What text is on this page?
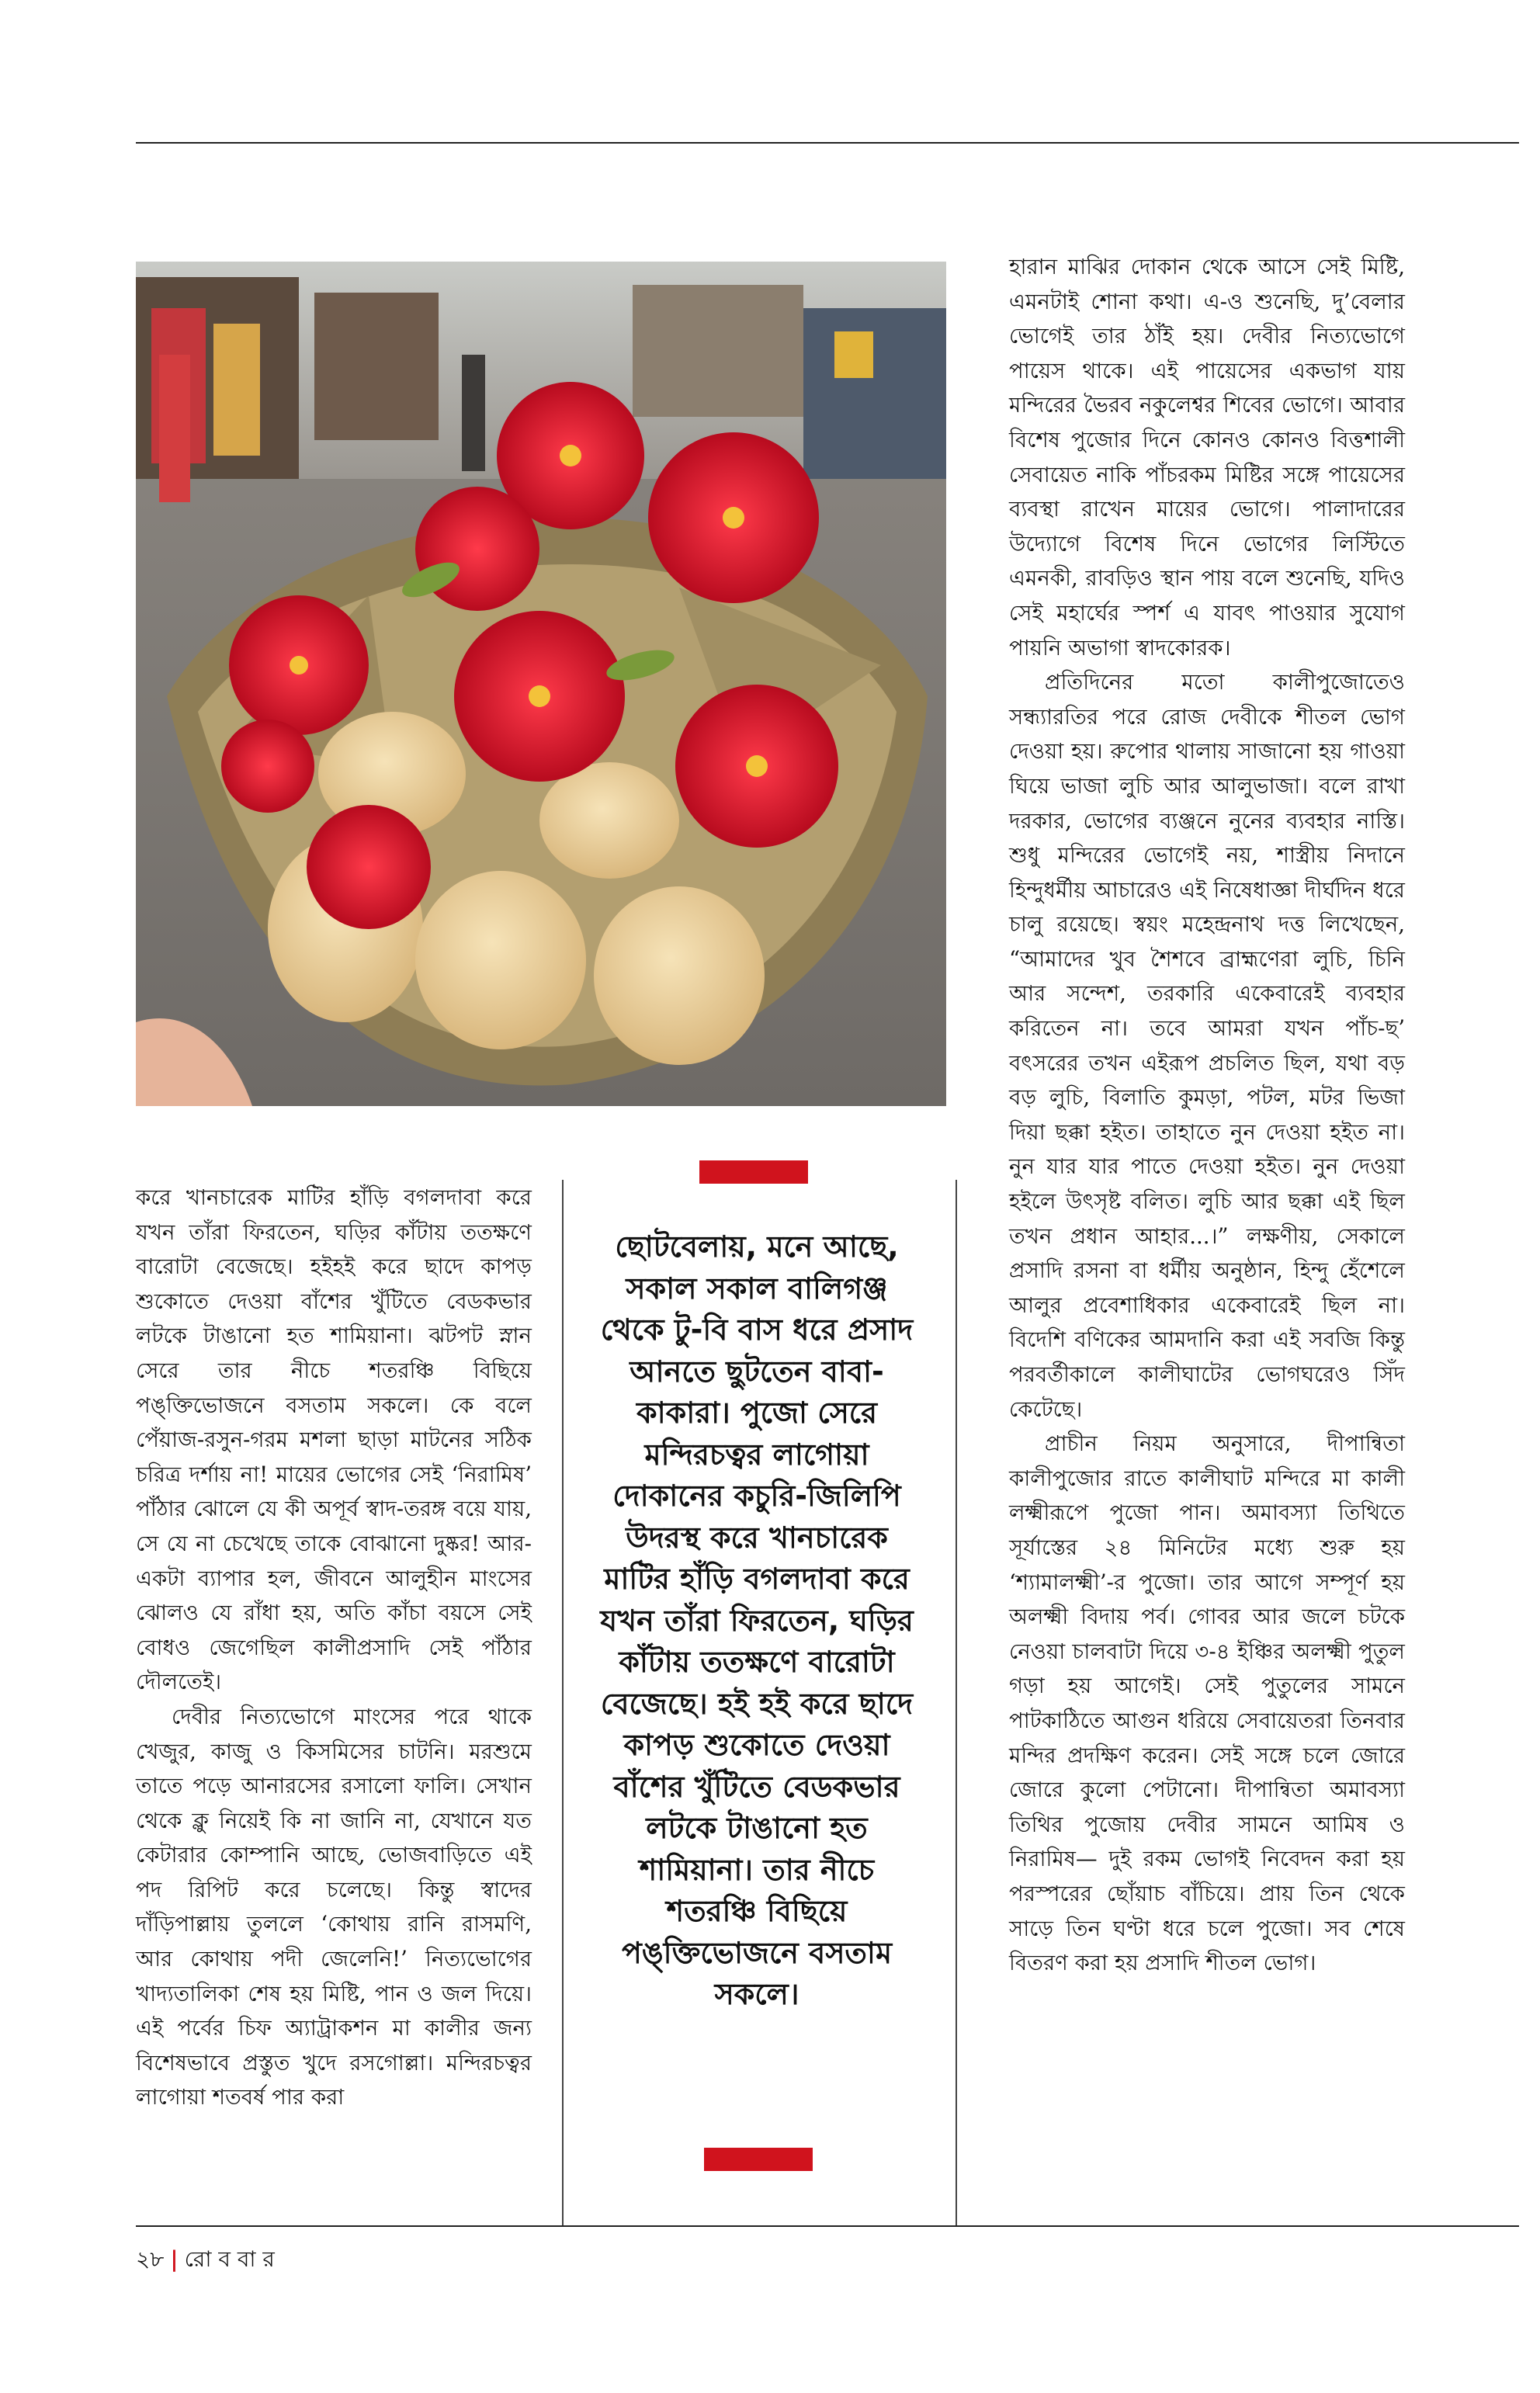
করে খানচারেক মাটির হাঁড়ি বগলদাবা করে যখন তাঁরা ফিরতেন, ঘড়ির কাঁটায় ততক্ষণে বারোটা বেজেছে। হইহই করে ছাদে কাপড় শুকোতে দেওয়া বাঁশের খুঁটিতে বেডকভার লটকে টাঙানো হত শামিয়ানা। ঝটপট স্নান সেরে তার নীচে শতরঞ্চি বিছিয়ে পঙ্‌ক্তিভোজনে বসতাম সকলে। কে বলে পেঁয়াজ-রসুন-গরম মশলা ছাড়া মাটনের সঠিক চরিত্র দর্শায় না! মায়ের ভোগের সেই ‘নিরামিষ’ পাঁঠার ঝোলে যে কী অপূর্ব স্বাদ-তরঙ্গ বয়ে যায়, সে যে না চেখেছে তাকে বোঝানো দুষ্কর! আর-একটা ব্যাপার হল, জীবনে আলুহীন মাংসের ঝোলও যে রাঁধা হয়, অতি কাঁচা বয়সে সেই বোধও জেগেছিল কালীপ্রসাদি সেই পাঁঠার দৌলতেই।

দেবীর নিত্যভোগে মাংসের পরে থাকে খেজুর, কাজু ও কিসমিসের চাটনি। মরশুমে তাতে পড়ে আনারসের রসালো ফালি। সেখান থেকে ক্লু নিয়েই কি না জানি না, যেখানে যত কেটারার কোম্পানি আছে, ভোজবাড়িতে এই পদ রিপিট করে চলেছে। কিন্তু স্বাদের দাঁড়িপাল্লায় তুললে ‘কোথায় রানি রাসমণি, আর কোথায় পদী জেলেনি!’ নিত্যভোগের খাদ্যতালিকা শেষ হয় মিষ্টি, পান ও জল দিয়ে। এই পর্বের চিফ অ্যাট্রাকশন মা কালীর জন্য বিশেষভাবে প্রস্তুত খুদে রসগোল্লা। মন্দিরচত্বর লাগোয়া শতবর্ষ পার করা

ছোটবেলায়, মনে আছে, সকাল সকাল বালিগঞ্জ থেকে টু-বি বাস ধরে প্রসাদ আনতে ছুটতেন বাবা-কাকারা। পুজো সেরে মন্দিরচত্বর লাগোয়া দোকানের কচুরি-জিলিপি উদরস্থ করে খানচারেক মাটির হাঁড়ি বগলদাবা করে যখন তাঁরা ফিরতেন, ঘড়ির কাঁটায় ততক্ষণে বারোটা বেজেছে। হই হই করে ছাদে কাপড় শুকোতে দেওয়া বাঁশের খুঁটিতে বেডকভার লটকে টাঙানো হত শামিয়ানা। তার নীচে শতরঞ্চি বিছিয়ে পঙ্‌ক্তিভোজনে বসতাম সকলে।

হারান মাঝির দোকান থেকে আসে সেই মিষ্টি, এমনটাই শোনা কথা। এ-ও শুনেছি, দু’বেলার ভোগেই তার ঠাঁই হয়। দেবীর নিত্যভোগে পায়েস থাকে। এই পায়েসের একভাগ যায় মন্দিরের ভৈরব নকুলেশ্বর শিবের ভোগে। আবার বিশেষ পুজোর দিনে কোনও কোনও বিত্তশালী সেবায়েত নাকি পাঁচরকম মিষ্টির সঙ্গে পায়েসের ব্যবস্থা রাখেন মায়ের ভোগে। পালাদারের উদ্যোগে বিশেষ দিনে ভোগের লিস্টিতে এমনকী, রাবড়িও স্থান পায় বলে শুনেছি, যদিও সেই মহার্ঘের স্পর্শ এ যাবৎ পাওয়ার সুযোগ পায়নি অভাগা স্বাদকোরক।

প্রতিদিনের মতো কালীপুজোতেও সন্ধ্যারতির পরে রোজ দেবীকে শীতল ভোগ দেওয়া হয়। রুপোর থালায় সাজানো হয় গাওয়া ঘিয়ে ভাজা লুচি আর আলুভাজা। বলে রাখা দরকার, ভোগের ব্যঞ্জনে নুনের ব্যবহার নাস্তি। শুধু মন্দিরের ভোগেই নয়, শাস্ত্রীয় নিদানে হিন্দুধর্মীয় আচারেও এই নিষেধাজ্ঞা দীর্ঘদিন ধরে চালু রয়েছে। স্বয়ং মহেন্দ্রনাথ দত্ত লিখেছেন, “আমাদের খুব শৈশবে ব্রাহ্মণেরা লুচি, চিনি আর সন্দেশ, তরকারি একেবারেই ব্যবহার করিতেন না। তবে আমরা যখন পাঁচ-ছ’ বৎসরের তখন এইরূপ প্রচলিত ছিল, যথা বড় বড় লুচি, বিলাতি কুমড়া, পটল, মটর ভিজা দিয়া ছক্কা হইত। তাহাতে নুন দেওয়া হইত না। নুন যার যার পাতে দেওয়া হইত। নুন দেওয়া হইলে উৎসৃষ্ট বলিত। লুচি আর ছক্কা এই ছিল তখন প্রধান আহার...।” লক্ষণীয়, সেকালে প্রসাদি রসনা বা ধর্মীয় অনুষ্ঠান, হিন্দু হেঁশেলে আলুর প্রবেশাধিকার একেবারেই ছিল না। বিদেশি বণিকের আমদানি করা এই সবজি কিন্তু পরবর্তীকালে কালীঘাটের ভোগঘরেও সিঁদ কেটেছে।

প্রাচীন নিয়ম অনুসারে, দীপান্বিতা কালীপুজোর রাতে কালীঘাট মন্দিরে মা কালী লক্ষ্মীরূপে পুজো পান। অমাবস্যা তিথিতে সূর্যাস্তের ২৪ মিনিটের মধ্যে শুরু হয় ‘শ্যামালক্ষ্মী’-র পুজো। তার আগে সম্পূর্ণ হয় অলক্ষ্মী বিদায় পর্ব। গোবর আর জলে চটকে নেওয়া চালবাটা দিয়ে ৩-৪ ইঞ্চির অলক্ষ্মী পুতুল গড়া হয় আগেই। সেই পুতুলের সামনে পাটকাঠিতে আগুন ধরিয়ে সেবায়েতরা তিনবার মন্দির প্রদক্ষিণ করেন। সেই সঙ্গে চলে জোরে জোরে কুলো পেটানো। দীপান্বিতা অমাবস্যা তিথির পুজোয় দেবীর সামনে আমিষ ও নিরামিষ— দুই রকম ভোগই নিবেদন করা হয় পরস্পরের ছোঁয়াচ বাঁচিয়ে। প্রায় তিন থেকে সাড়ে তিন ঘণ্টা ধরে চলে পুজো। সব শেষে বিতরণ করা হয় প্রসাদি শীতল ভোগ।

২৮ | রো ব বা র
